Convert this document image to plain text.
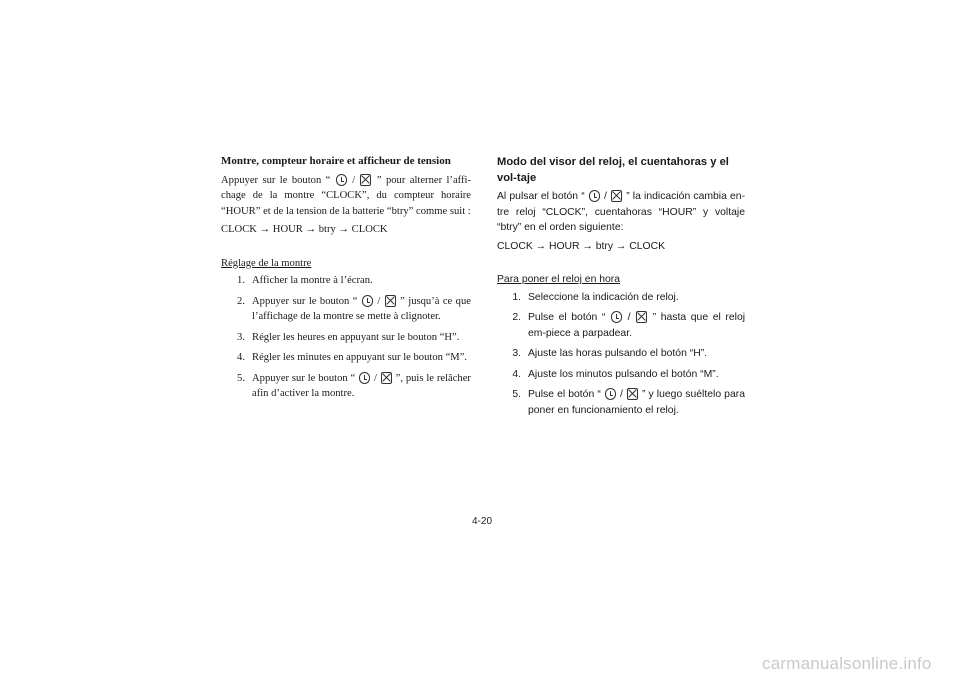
Montre, compteur horaire et afficheur de tension

Appuyer sur le bouton “ / ” pour alterner l’affi-chage de la montre “CLOCK”, du compteur horaire “HOUR” et de la tension de la batterie “btry” comme suit :

CLOCK → HOUR → btry → CLOCK

Réglage de la montre

1. Afficher la montre à l’écran.
2. Appuyer sur le bouton “ / ” jusqu’à ce que l’affichage de la montre se mette à clignoter.
3. Régler les heures en appuyant sur le bouton “H”.
4. Régler les minutes en appuyant sur le bouton “M”.
5. Appuyer sur le bouton “ / ”, puis le relâcher afin d’activer la montre.

Modo del visor del reloj, el cuentahoras y el vol-taje

Al pulsar el botón “ / ” la indicación cambia en-tre reloj “CLOCK”, cuentahoras “HOUR” y voltaje “btry” en el orden siguiente:

CLOCK → HOUR → btry → CLOCK

Para poner el reloj en hora

1. Seleccione la indicación de reloj.
2. Pulse el botón “ / ” hasta que el reloj em-piece a parpadear.
3. Ajuste las horas pulsando el botón “H”.
4. Ajuste los minutos pulsando el botón “M”.
5. Pulse el botón “ / ” y luego suéltelo para poner en funcionamiento el reloj.
4-20
carmanualsonline.info
